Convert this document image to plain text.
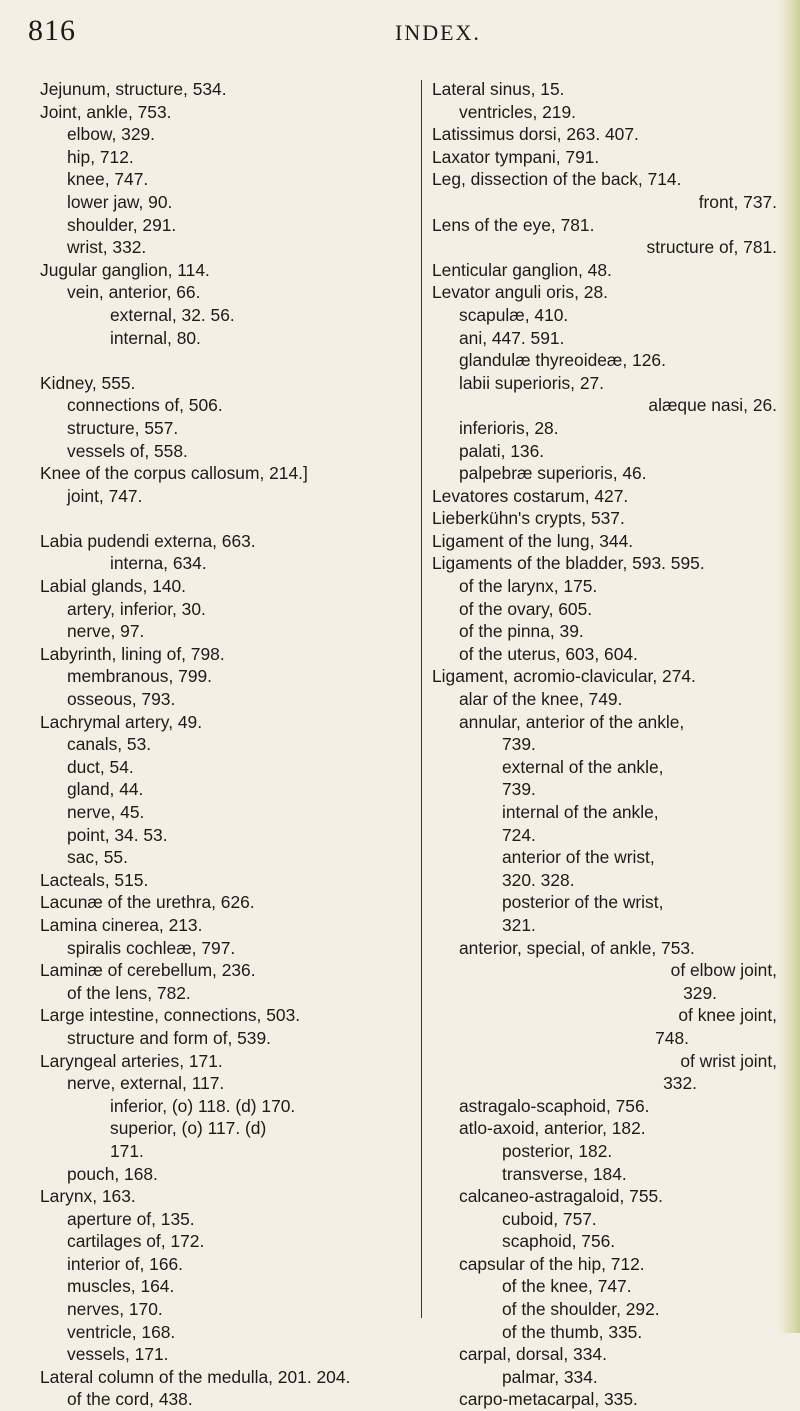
816	INDEX.
Jejunum, structure, 534.
Joint, ankle, 753.
elbow, 329.
hip, 712.
knee, 747.
lower jaw, 90.
shoulder, 291.
wrist, 332.
Jugular ganglion, 114.
vein, anterior, 66.
external, 32. 56.
internal, 80.
Kidney, 555.
connections of, 506.
structure, 557.
vessels of, 558.
Knee of the corpus callosum, 214.]
joint, 747.
Labia pudendi externa, 663.
interna, 634.
Labial glands, 140.
artery, inferior, 30.
nerve, 97.
Labyrinth, lining of, 798.
membranous, 799.
osseous, 793.
Lachrymal artery, 49.
canals, 53.
duct, 54.
gland, 44.
nerve, 45.
point, 34. 53.
sac, 55.
Lacteals, 515.
Lacunæ of the urethra, 626.
Lamina cinerea, 213.
spiralis cochleæ, 797.
Laminæ of cerebellum, 236.
of the lens, 782.
Large intestine, connections, 503.
structure and form of, 539.
Laryngeal arteries, 171.
nerve, external, 117.
inferior, (o) 118. (d) 170.
superior, (o) 117. (d)
171.
pouch, 168.
Larynx, 163.
aperture of, 135.
cartilages of, 172.
interior of, 166.
muscles, 164.
nerves, 170.
ventricle, 168.
vessels, 171.
Lateral column of the medulla, 201. 204.
of the cord, 438.
Lateral sinus, 15.
ventricles, 219.
Latissimus dorsi, 263. 407.
Laxator tympani, 791.
Leg, dissection of the back, 714.
front, 737.
Lens of the eye, 781.
structure of, 781.
Lenticular ganglion, 48.
Levator anguli oris, 28.
scapulæ, 410.
ani, 447. 591.
glandulæ thyreoideæ, 126.
labii superioris, 27.
alæque nasi, 26.
inferioris, 28.
palati, 136.
palpebræ superioris, 46.
Levatores costarum, 427.
Lieberkühn's crypts, 537.
Ligament of the lung, 344.
Ligaments of the bladder, 593. 595.
of the larynx, 175.
of the ovary, 605.
of the pinna, 39.
of the uterus, 603, 604.
Ligament, acromio-clavicular, 274.
alar of the knee, 749.
annular, anterior of the ankle,
739.
external of the ankle,
739.
internal of the ankle,
724.
anterior of the wrist,
320. 328.
posterior of the wrist,
321.
anterior, special, of ankle, 753.
of elbow joint,
329.
of knee joint,
748.
of wrist joint,
332.
astragalo-scaphoid, 756.
atlo-axoid, anterior, 182.
posterior, 182.
transverse, 184.
calcaneo-astragaloid, 755.
cuboid, 757.
scaphoid, 756.
capsular of the hip, 712.
of the knee, 747.
of the shoulder, 292.
of the thumb, 335.
carpal, dorsal, 334.
palmar, 334.
carpo-metacarpal, 335.
